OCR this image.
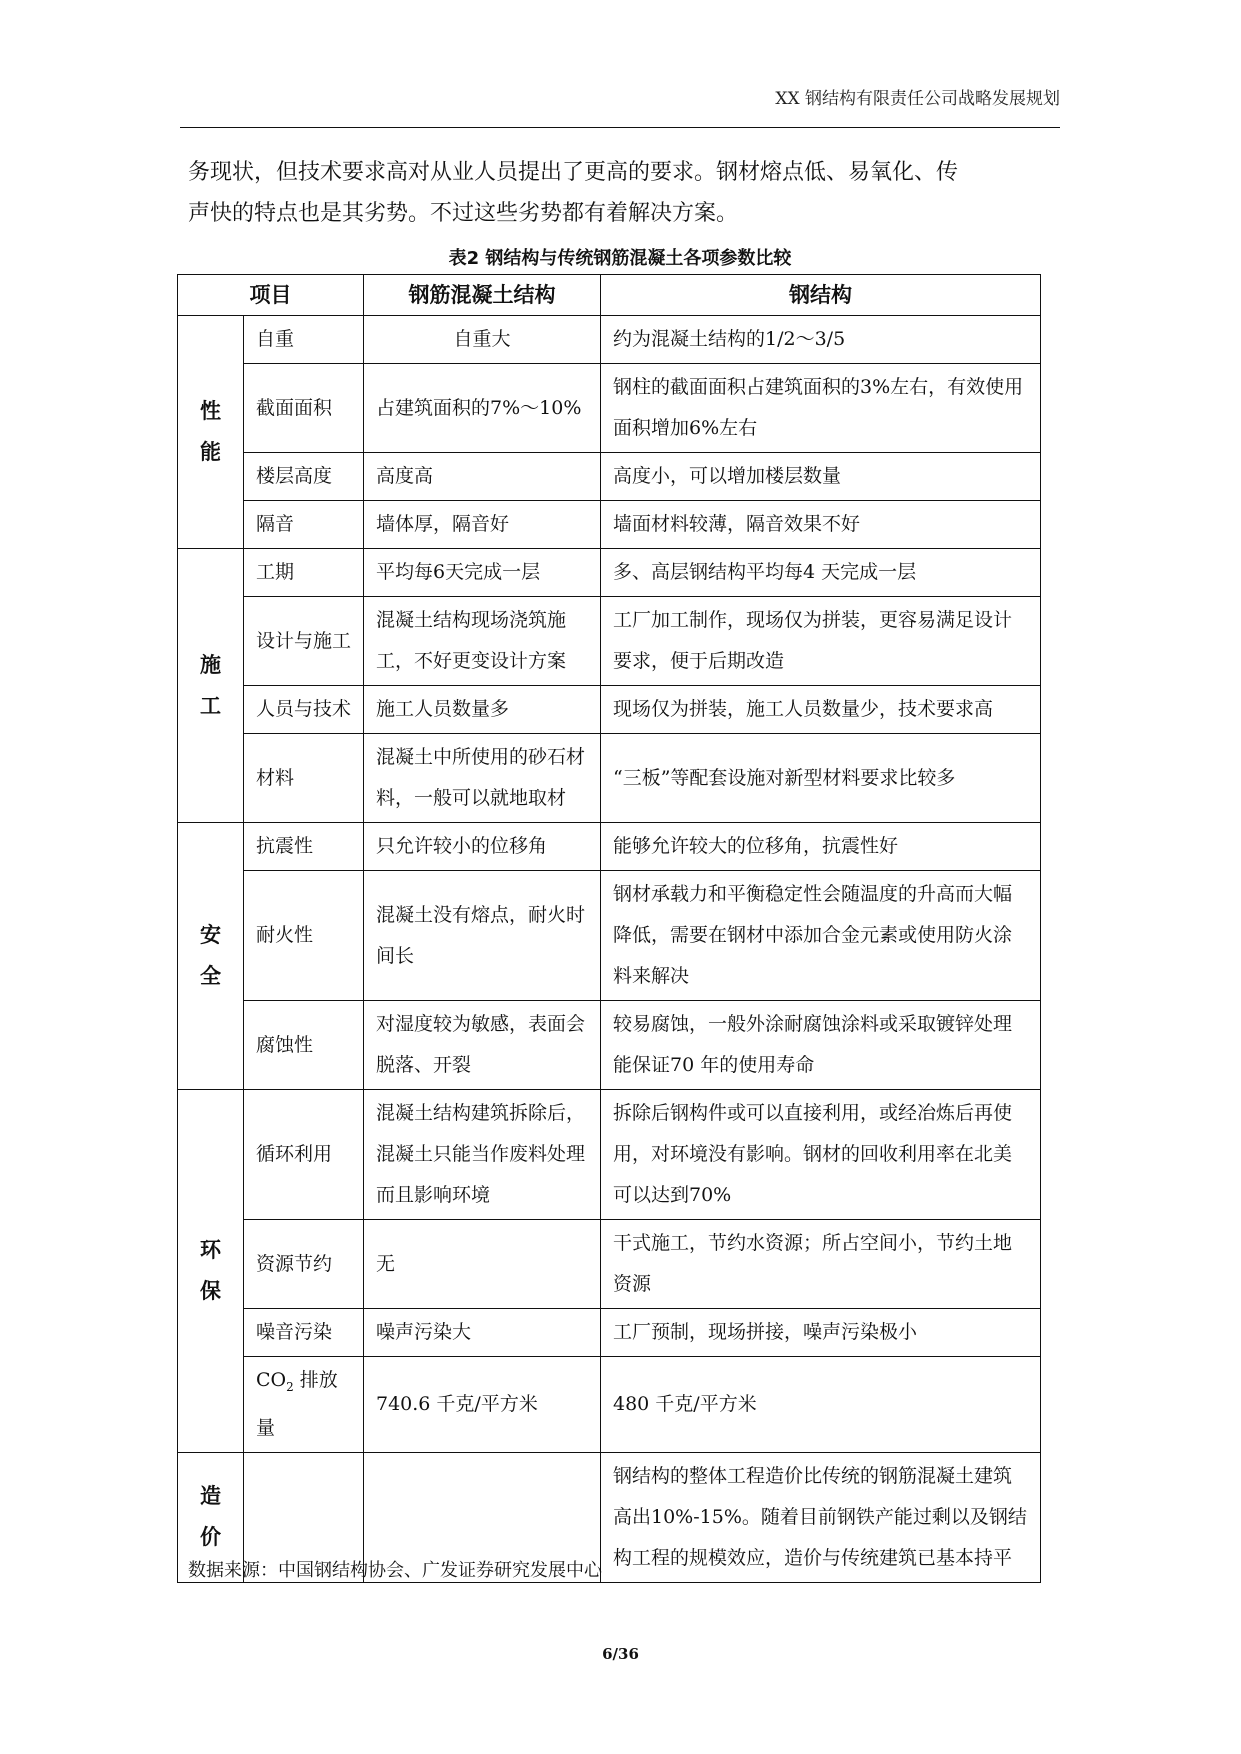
XX 钢结构有限责任公司战略发展规划

务现状，但技术要求高对从业人员提出了更高的要求。钢材熔点低、易氧化、传

声快的特点也是其劣势。不过这些劣势都有着解决方案。

表2 钢结构与传统钢筋混凝土各项参数比较
项目		钢筋混凝土结构	钢结构
性能	自重	自重大	约为混凝土结构的1/2～3/5
	截面面积	占建筑面积的7%～10%	钢柱的截面面积占建筑面积的3%左右，有效使用面积增加6%左右
	楼层高度	高度高	高度小，可以增加楼层数量
	隔音	墙体厚，隔音好	墙面材料较薄，隔音效果不好
施工	工期	平均每6天完成一层	多、高层钢结构平均每4 天完成一层
	设计与施工	混凝土结构现场浇筑施工，不好更变设计方案	工厂加工制作，现场仅为拼装，更容易满足设计要求，便于后期改造
	人员与技术	施工人员数量多	现场仅为拼装，施工人员数量少，技术要求高
	材料	混凝土中所使用的砂石材料，一般可以就地取材	“三板”等配套设施对新型材料要求比较多
安全	抗震性	只允许较小的位移角	能够允许较大的位移角，抗震性好
	耐火性	混凝土没有熔点，耐火时间长	钢材承载力和平衡稳定性会随温度的升高而大幅降低，需要在钢材中添加合金元素或使用防火涂料来解决
	腐蚀性	对湿度较为敏感，表面会脱落、开裂	较易腐蚀，一般外涂耐腐蚀涂料或采取镀锌处理能保证70 年的使用寿命
环保	循环利用	混凝土结构建筑拆除后，混凝土只能当作废料处理而且影响环境	拆除后钢构件或可以直接利用，或经冶炼后再使用，对环境没有影响。钢材的回收利用率在北美可以达到70%
	资源节约	无	干式施工，节约水资源；所占空间小，节约土地资源
	噪音污染	噪声污染大	工厂预制，现场拼接，噪声污染极小
	$CO_2$ 排放量	740.6 千克/平方米	480 千克/平方米
造价			钢结构的整体工程造价比传统的钢筋混凝土建筑高出10%-15%。随着目前钢铁产能过剩以及钢结构工程的规模效应，造价与传统建筑已基本持平
数据来源：中国钢结构协会、广发证券研究发展中心
6/36
